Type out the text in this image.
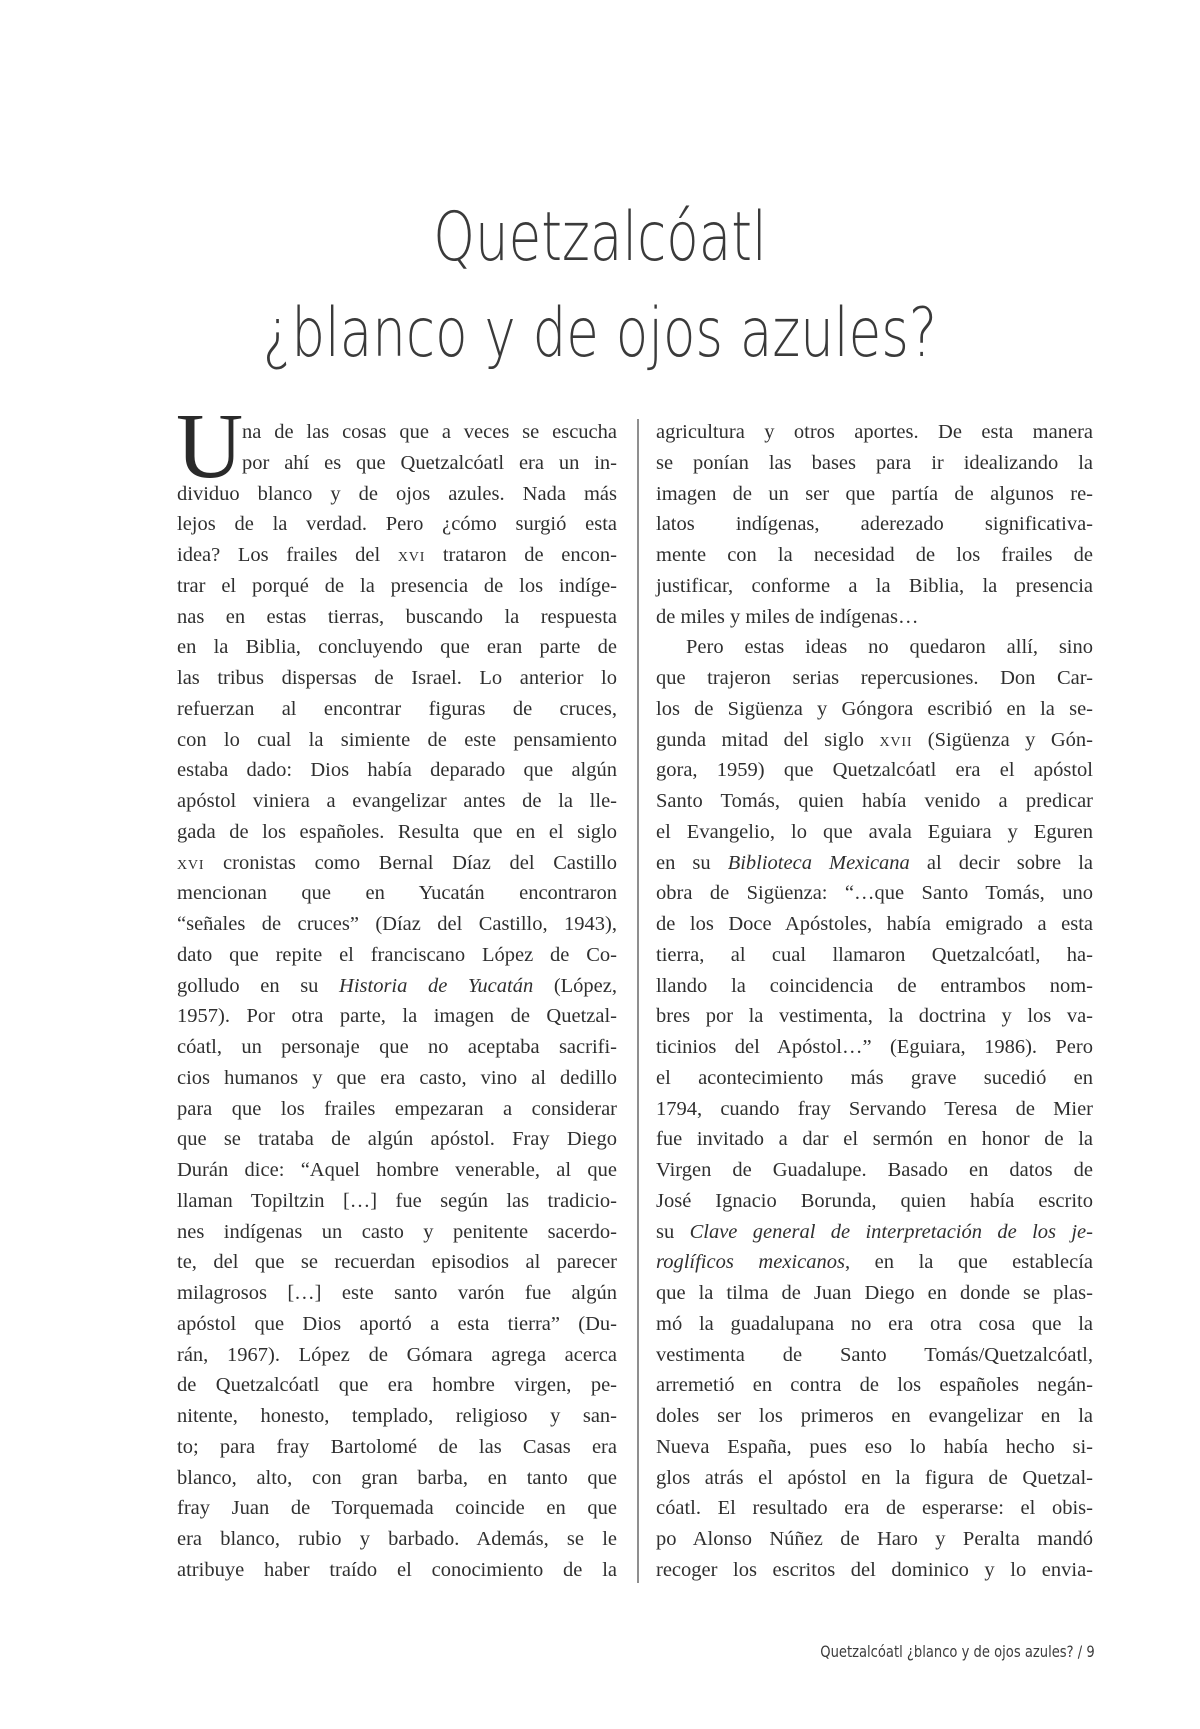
Quetzalcóatl
¿blanco y de ojos azules?
U
na de las cosas que a veces se escucha
por ahí es que Quetzalcóatl era un in-
dividuo blanco y de ojos azules. Nada más
lejos de la verdad. Pero ¿cómo surgió esta
idea? Los frailes del xvi trataron de encon-
trar el porqué de la presencia de los indíge-
nas en estas tierras, buscando la respuesta
en la Biblia, concluyendo que eran parte de
las tribus dispersas de Israel. Lo anterior lo
refuerzan al encontrar figuras de cruces,
con lo cual la simiente de este pensamiento
estaba dado: Dios había deparado que algún
apóstol viniera a evangelizar antes de la lle-
gada de los españoles. Resulta que en el siglo
xvi cronistas como Bernal Díaz del Castillo
mencionan que en Yucatán encontraron
“señales de cruces” (Díaz del Castillo, 1943),
dato que repite el franciscano López de Co-
golludo en su Historia de Yucatán (López,
1957). Por otra parte, la imagen de Quetzal-
cóatl, un personaje que no aceptaba sacrifi-
cios humanos y que era casto, vino al dedillo
para que los frailes empezaran a considerar
que se trataba de algún apóstol. Fray Diego
Durán dice: “Aquel hombre venerable, al que
llaman Topiltzin […] fue según las tradicio-
nes indígenas un casto y penitente sacerdo-
te, del que se recuerdan episodios al parecer
milagrosos […] este santo varón fue algún
apóstol que Dios aportó a esta tierra” (Du-
rán, 1967). López de Gómara agrega acerca
de Quetzalcóatl que era hombre virgen, pe-
nitente, honesto, templado, religioso y san-
to; para fray Bartolomé de las Casas era
blanco, alto, con gran barba, en tanto que
fray Juan de Torquemada coincide en que
era blanco, rubio y barbado. Además, se le
atribuye haber traído el conocimiento de la
agricultura y otros aportes. De esta manera
se ponían las bases para ir idealizando la
imagen de un ser que partía de algunos re-
latos indígenas, aderezado significativa-
mente con la necesidad de los frailes de
justificar, conforme a la Biblia, la presencia
de miles y miles de indígenas…
Pero estas ideas no quedaron allí, sino
que trajeron serias repercusiones. Don Car-
los de Sigüenza y Góngora escribió en la se-
gunda mitad del siglo xvii (Sigüenza y Gón-
gora, 1959) que Quetzalcóatl era el apóstol
Santo Tomás, quien había venido a predicar
el Evangelio, lo que avala Eguiara y Eguren
en su Biblioteca Mexicana al decir sobre la
obra de Sigüenza: “…que Santo Tomás, uno
de los Doce Apóstoles, había emigrado a esta
tierra, al cual llamaron Quetzalcóatl, ha-
llando la coincidencia de entrambos nom-
bres por la vestimenta, la doctrina y los va-
ticinios del Apóstol…” (Eguiara, 1986). Pero
el acontecimiento más grave sucedió en
1794, cuando fray Servando Teresa de Mier
fue invitado a dar el sermón en honor de la
Virgen de Guadalupe. Basado en datos de
José Ignacio Borunda, quien había escrito
su Clave general de interpretación de los je-
roglíficos mexicanos, en la que establecía
que la tilma de Juan Diego en donde se plas-
mó la guadalupana no era otra cosa que la
vestimenta de Santo Tomás/Quetzalcóatl,
arremetió en contra de los españoles negán-
doles ser los primeros en evangelizar en la
Nueva España, pues eso lo había hecho si-
glos atrás el apóstol en la figura de Quetzal-
cóatl. El resultado era de esperarse: el obis-
po Alonso Núñez de Haro y Peralta mandó
recoger los escritos del dominico y lo envia-
Quetzalcóatl ¿blanco y de ojos azules? / 9
